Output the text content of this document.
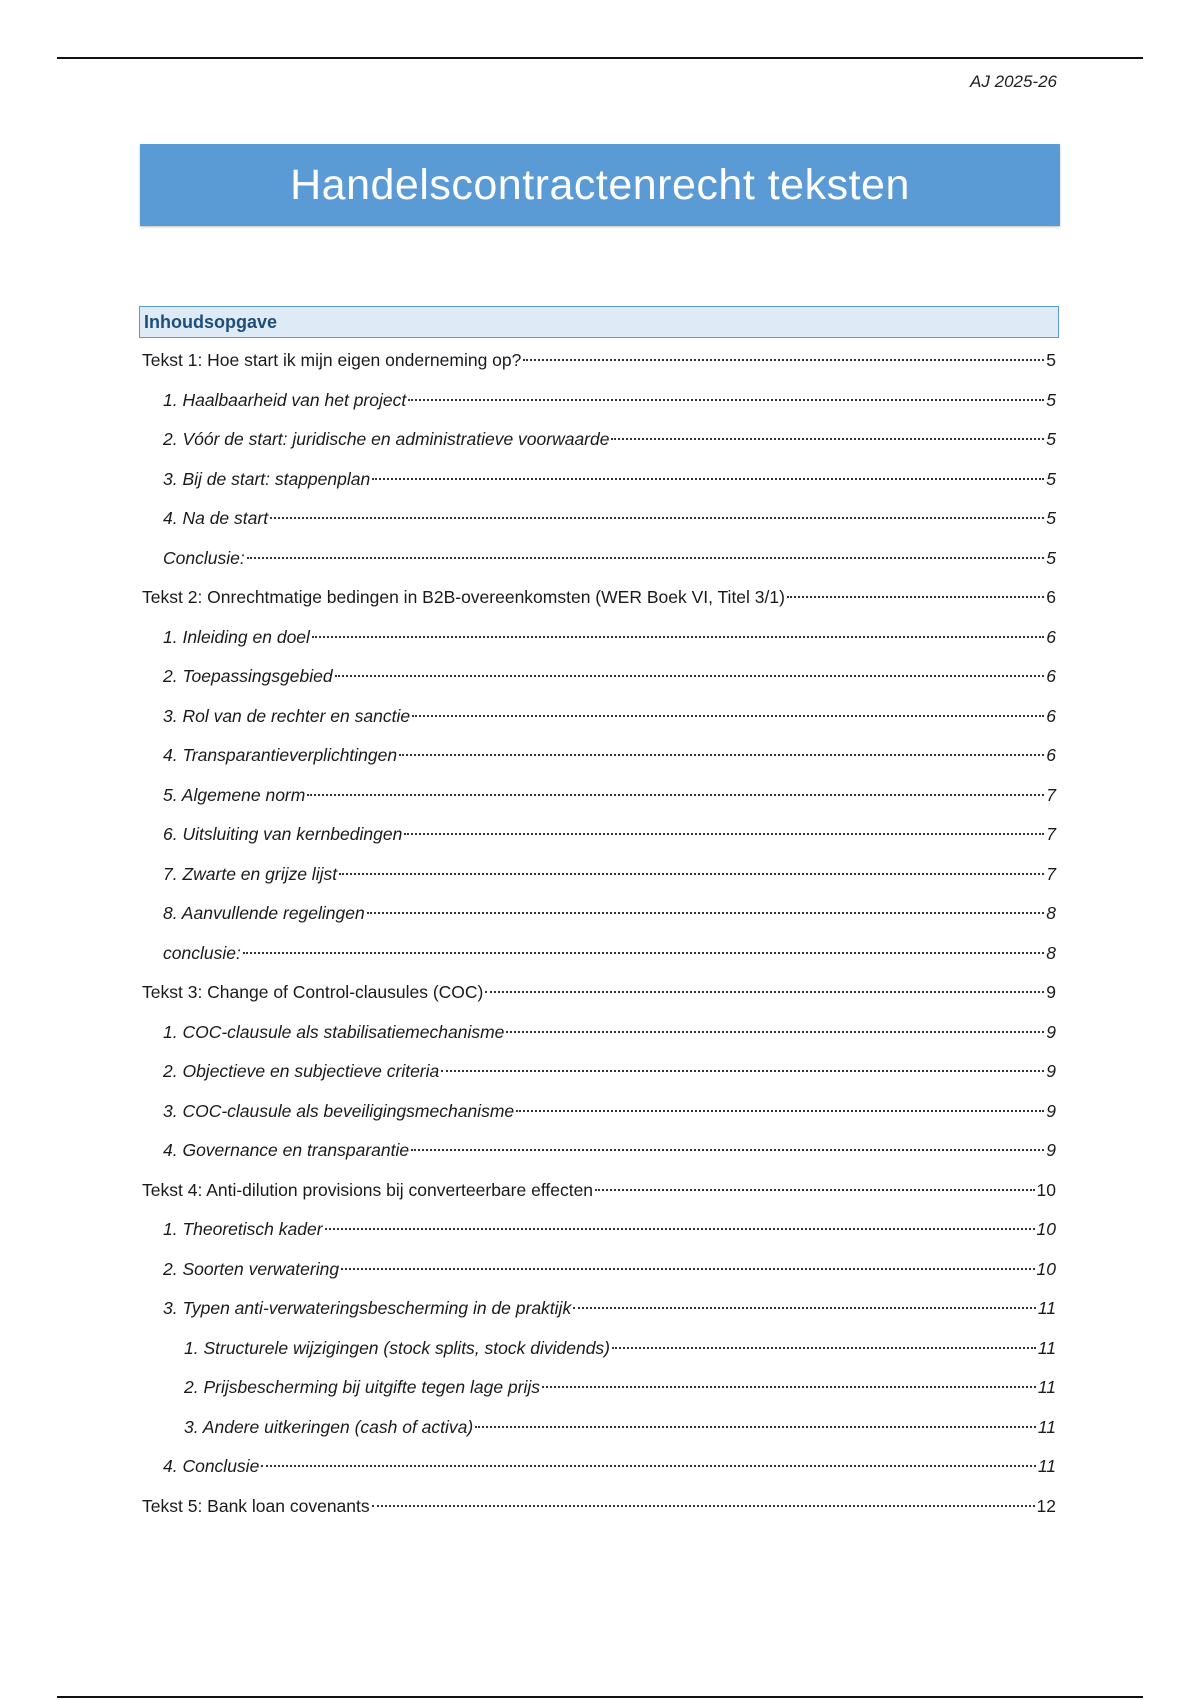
AJ 2025-26
Handelscontractenrecht teksten
Inhoudsopgave
Tekst 1: Hoe start ik mijn eigen onderneming op?	5
1. Haalbaarheid van het project	5
2. Vóór de start: juridische en administratieve voorwaarde	5
3. Bij de start: stappenplan	5
4. Na de start	5
Conclusie:	5
Tekst 2: Onrechtmatige bedingen in B2B-overeenkomsten (WER Boek VI, Titel 3/1)	6
1. Inleiding en doel	6
2. Toepassingsgebied	6
3. Rol van de rechter en sanctie	6
4. Transparantieverplichtingen	6
5. Algemene norm	7
6. Uitsluiting van kernbedingen	7
7. Zwarte en grijze lijst	7
8. Aanvullende regelingen	8
conclusie:	8
Tekst 3: Change of Control-clausules (COC)	9
1. COC-clausule als stabilisatiemechanisme	9
2. Objectieve en subjectieve criteria	9
3. COC-clausule als beveiligingsmechanisme	9
4. Governance en transparantie	9
Tekst 4: Anti-dilution provisions bij converteerbare effecten	10
1. Theoretisch kader	10
2. Soorten verwatering	10
3. Typen anti-verwateringsbescherming in de praktijk	11
1. Structurele wijzigingen (stock splits, stock dividends)	11
2. Prijsbescherming bij uitgifte tegen lage prijs	11
3. Andere uitkeringen (cash of activa)	11
4. Conclusie	11
Tekst 5: Bank loan covenants	12
